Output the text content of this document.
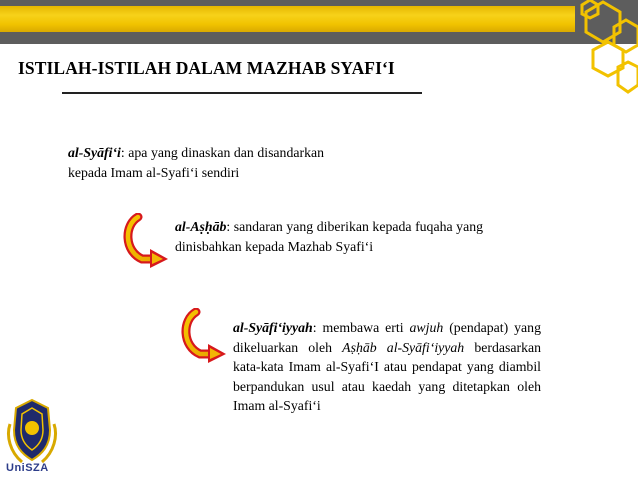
ISTILAH-ISTILAH DALAM MAZHAB SYAFI‘I
al-Syāfi‘i: apa yang dinaskan dan disandarkan kepada Imam al-Syafi‘i sendiri
al-Aṣḥāb: sandaran yang diberikan kepada fuqaha yang dinisbahkan kepada Mazhab Syafi‘i
al-Syāfi‘iyyah: membawa erti awjuh (pendapat) yang dikeluarkan oleh Aṣḥāb al-Syāfi‘iyyah berdasarkan kata-kata Imam al-Syafi‘I atau pendapat yang diambil berpandukan usul atau kaedah yang ditetapkan oleh Imam al-Syafi‘i
UniSZA
